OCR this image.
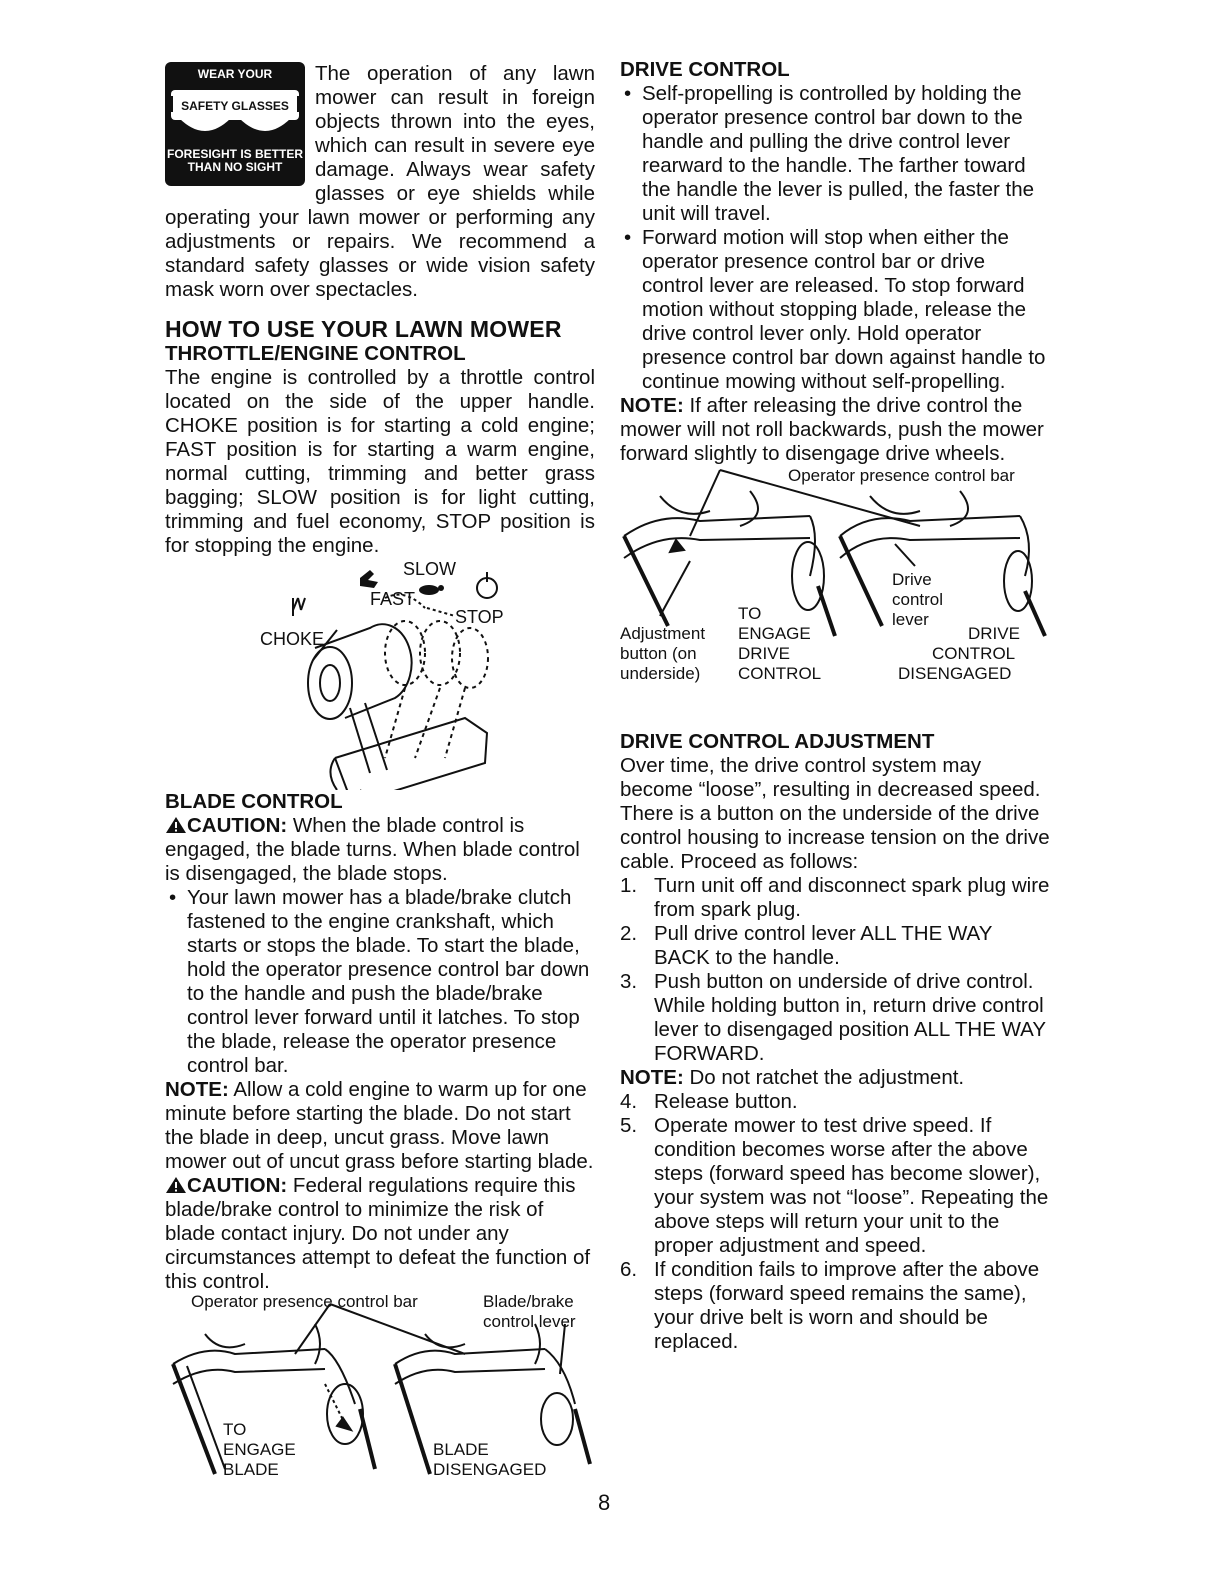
WEAR YOUR
SAFETY GLASSES
FORESIGHT IS BETTER THAN NO SIGHT

The operation of any lawn mower can result in foreign objects thrown into the eyes, which can result in severe eye damage. Always wear safety glasses or eye shields while operating your lawn mower or performing any adjustments or repairs. We recommend a standard safety glasses or wide vision safety mask worn over spectacles.

HOW TO USE YOUR LAWN MOWER
THROTTLE/ENGINE CONTROL

The engine is controlled by a throttle control located on the side of the upper handle. CHOKE position is for starting a cold engine; FAST position is for starting a warm engine, normal cutting, trimming and better grass bagging; SLOW position is for light cutting, trimming and fuel economy, STOP position is for stopping the engine.

SLOW
FAST
STOP
CHOKE
BLADE CONTROL

CAUTION: When the blade control is engaged, the blade turns. When blade control is disengaged, the blade stops.

• Your lawn mower has a blade/brake clutch fastened to the engine crankshaft, which starts or stops the blade. To start the blade, hold the operator presence control bar down to the handle and push the blade/brake control lever forward until it latches. To stop the blade, release the operator presence control bar.

NOTE: Allow a cold engine to warm up for one minute before starting the blade. Do not start the blade in deep, uncut grass. Move lawn mower out of uncut grass before starting blade.

CAUTION: Federal regulations require this blade/brake control to minimize the risk of blade contact injury. Do not under any circumstances attempt to defeat the function of this control.

Operator presence control bar	Blade/brake
control lever
TO
ENGAGE
BLADE
BLADE
DISENGAGED
DRIVE CONTROL
• Self-propelling is controlled by holding the operator presence control bar down to the handle and pulling the drive control lever rearward to the handle. The farther toward the handle the lever is pulled, the faster the unit will travel.
• Forward motion will stop when either the operator presence control bar or drive control lever are released. To stop forward motion without stopping blade, release the drive control lever only. Hold operator presence control bar down against handle to continue mowing without self-propelling.

NOTE: If after releasing the drive control the mower will not roll backwards, push the mower forward slightly to disengage drive wheels.

Operator presence control bar
Drive
control
lever
Adjustment
button (on
underside)
TO
ENGAGE
DRIVE
CONTROL
DRIVE
CONTROL
DISENGAGED
DRIVE CONTROL ADJUSTMENT

Over time, the drive control system may become “loose”, resulting in decreased speed. There is a button on the underside of the drive control housing to increase tension on the drive cable. Proceed as follows:

1. Turn unit off and disconnect spark plug wire from spark plug.
2. Pull drive control lever ALL THE WAY BACK to the handle.
3. Push button on underside of drive control. While holding button in, return drive control lever to disengaged position ALL THE WAY FORWARD.

NOTE: Do not ratchet the adjustment.

4. Release button.
5. Operate mower to test drive speed. If condition becomes worse after the above steps (forward speed has become slower), your system was not “loose”. Repeating the above steps will return your unit to the proper adjustment and speed.
6. If condition fails to improve after the above steps (forward speed remains the same), your drive belt is worn and should be replaced.
8
